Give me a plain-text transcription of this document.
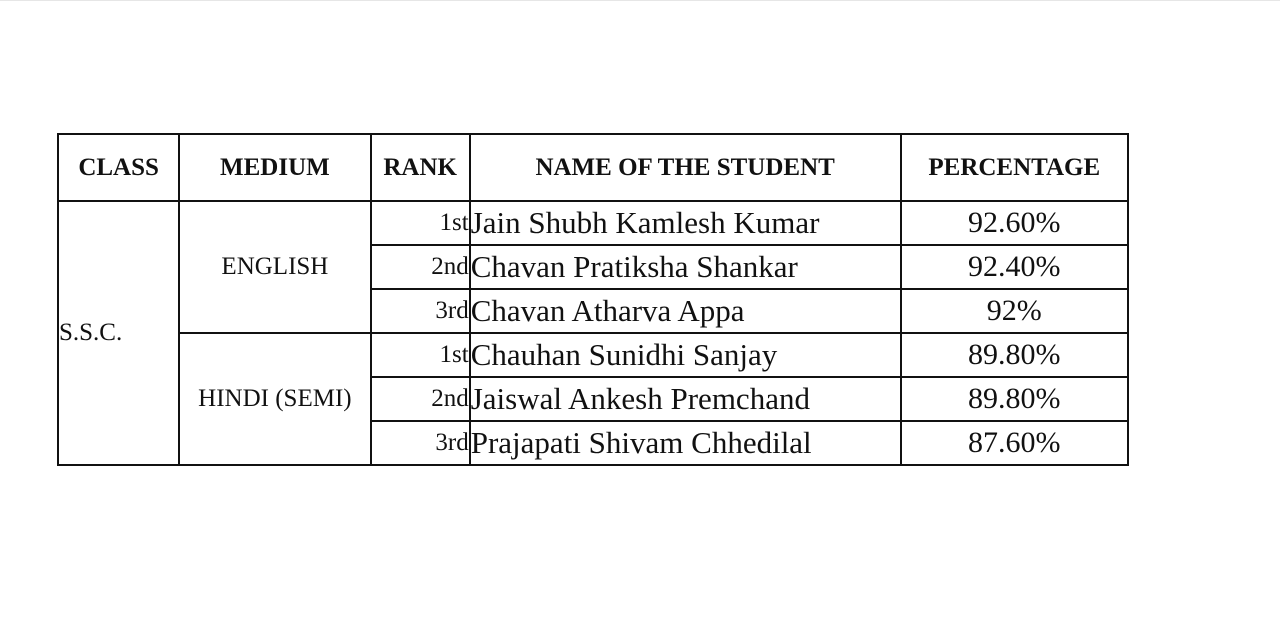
CLASS	MEDIUM	RANK	NAME OF THE STUDENT	PERCENTAGE
S.S.C.	ENGLISH	1st	Jain Shubh Kamlesh Kumar	92.60%
		2nd	Chavan Pratiksha Shankar	92.40%
		3rd	Chavan Atharva Appa	92%
	HINDI (SEMI)	1st	Chauhan Sunidhi Sanjay	89.80%
		2nd	Jaiswal Ankesh Premchand	89.80%
		3rd	Prajapati Shivam Chhedilal	87.60%
